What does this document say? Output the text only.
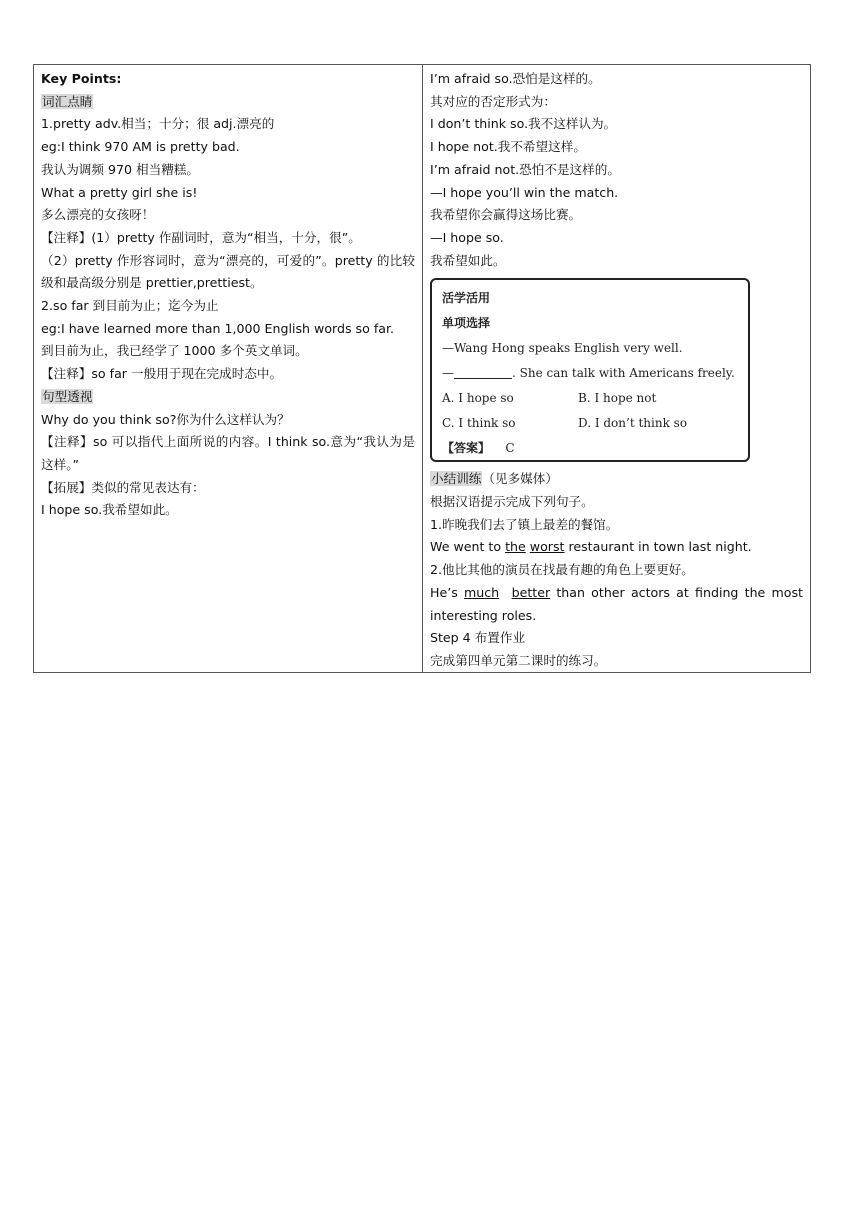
Key Points:
词汇点睛
1.pretty adv.相当；十分；很 adj.漂亮的
eg:I think 970 AM is pretty bad.
我认为调频 970 相当糟糕。
What a pretty girl she is!
多么漂亮的女孩呀！
【注释】(1）pretty 作副词时，意为“相当，十分，很”。
（2）pretty 作形容词时，意为“漂亮的，可爱的”。pretty 的比较级和最高级分别是 prettier,prettiest。
2.so far 到目前为止；迄今为止
eg:I have learned more than 1,000 English words so far.
到目前为止，我已经学了 1000 多个英文单词。
【注释】so far 一般用于现在完成时态中。
句型透视
Why do you think so?你为什么这样认为？
【注释】so 可以指代上面所说的内容。I think so.意为“我认为是这样。”
【拓展】类似的常见表达有：
I hope so.我希望如此。
I’m afraid so.恐怕是这样的。
其对应的否定形式为：
I don’t think so.我不这样认为。
I hope not.我不希望这样。
I’m afraid not.恐怕不是这样的。
—I hope you’ll win the match.
我希望你会赢得这场比赛。
—I hope so.
我希望如此。
活学活用
单项选择
—Wang Hong speaks English very well.
—	. She can talk with Americans freely.
A. I hope so	B. I hope not
C. I think so	D. I don’t think so
【答案】 C
小结训练（见多媒体）
根据汉语提示完成下列句子。
1.昨晚我们去了镇上最差的餐馆。
We went to the worst restaurant in town last night.
2.他比其他的演员在找最有趣的角色上要更好。
He’s much better than other actors at finding the most interesting roles.
Step 4 布置作业
完成第四单元第二课时的练习。
